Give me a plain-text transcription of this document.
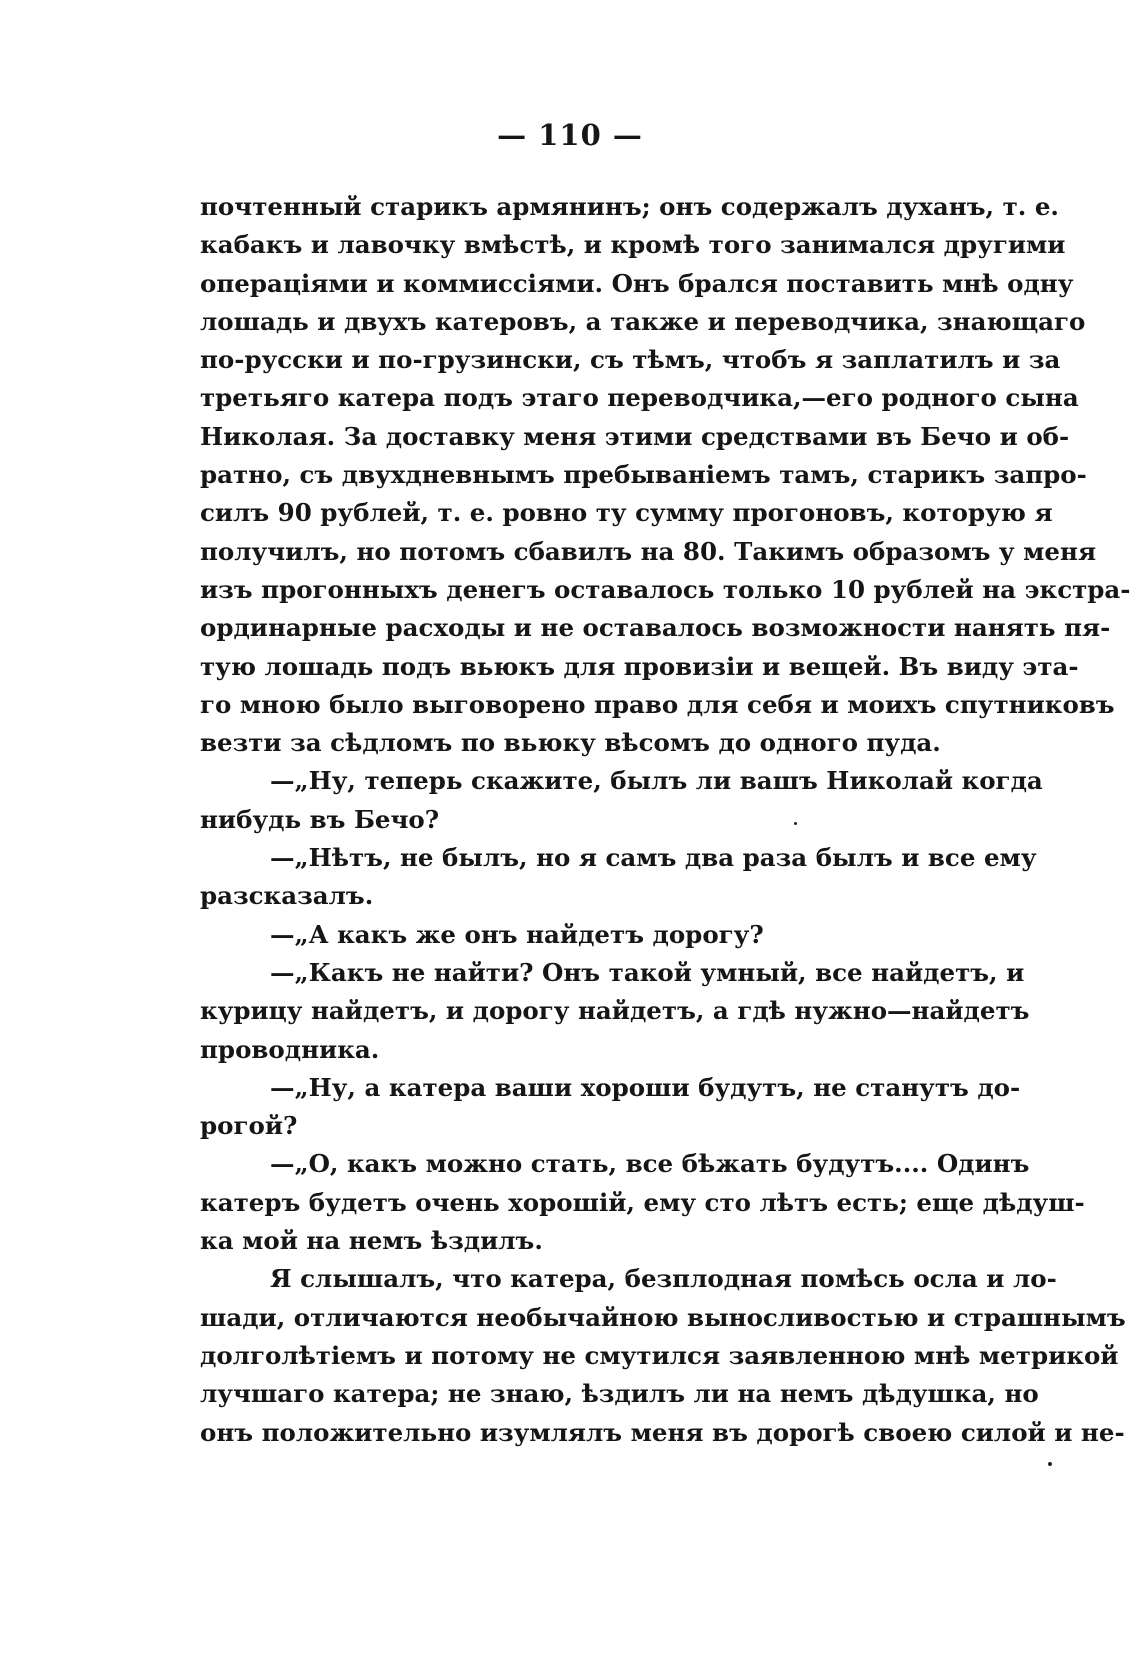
— 110 —
почтенный старикъ армянинъ; онъ содержалъ духанъ, т. е.
кабакъ и лавочку вмѣстѣ, и кромѣ того занимался другими
операціями и коммиссіями. Онъ брался поставить мнѣ одну
лошадь и двухъ катеровъ, а также и переводчика, знающаго
по-русски и по-грузински, съ тѣмъ, чтобъ я заплатилъ и за
третьяго катера подъ этаго переводчика,—его родного сына
Николая. За доставку меня этими средствами въ Бечо и об-
ратно, съ двухдневнымъ пребываніемъ тамъ, старикъ запро-
силъ 90 рублей, т. е. ровно ту сумму прогоновъ, которую я
получилъ, но потомъ сбавилъ на 80. Такимъ образомъ у меня
изъ прогонныхъ денегъ оставалось только 10 рублей на экстра-
ординарные расходы и не оставалось возможности нанять пя-
тую лошадь подъ вьюкъ для провизіи и вещей. Въ виду эта-
го мною было выговорено право для себя и моихъ спутниковъ
везти за сѣдломъ по вьюку вѣсомъ до одного пуда.
—„Ну, теперь скажите, былъ ли вашъ Николай когда
нибудь въ Бечо?
—„Нѣтъ, не былъ, но я самъ два раза былъ и все ему
разсказалъ.
—„А какъ же онъ найдетъ дорогу?
—„Какъ не найти? Онъ такой умный, все найдетъ, и
курицу найдетъ, и дорогу найдетъ, а гдѣ нужно—найдетъ
проводника.
—„Ну, а катера ваши хороши будутъ, не станутъ до-
рогой?
—„О, какъ можно стать, все бѣжать будутъ.... Одинъ
катеръ будетъ очень хорошій, ему сто лѣтъ есть; еще дѣдуш-
ка мой на немъ ѣздилъ.
Я слышалъ, что катера, безплодная помѣсь осла и ло-
шади, отличаются необычайною выносливостью и страшнымъ
долголѣтіемъ и потому не смутился заявленною мнѣ метрикой
лучшаго катера; не знаю, ѣздилъ ли на немъ дѣдушка, но
онъ положительно изумлялъ меня въ дорогѣ своею силой и не-
